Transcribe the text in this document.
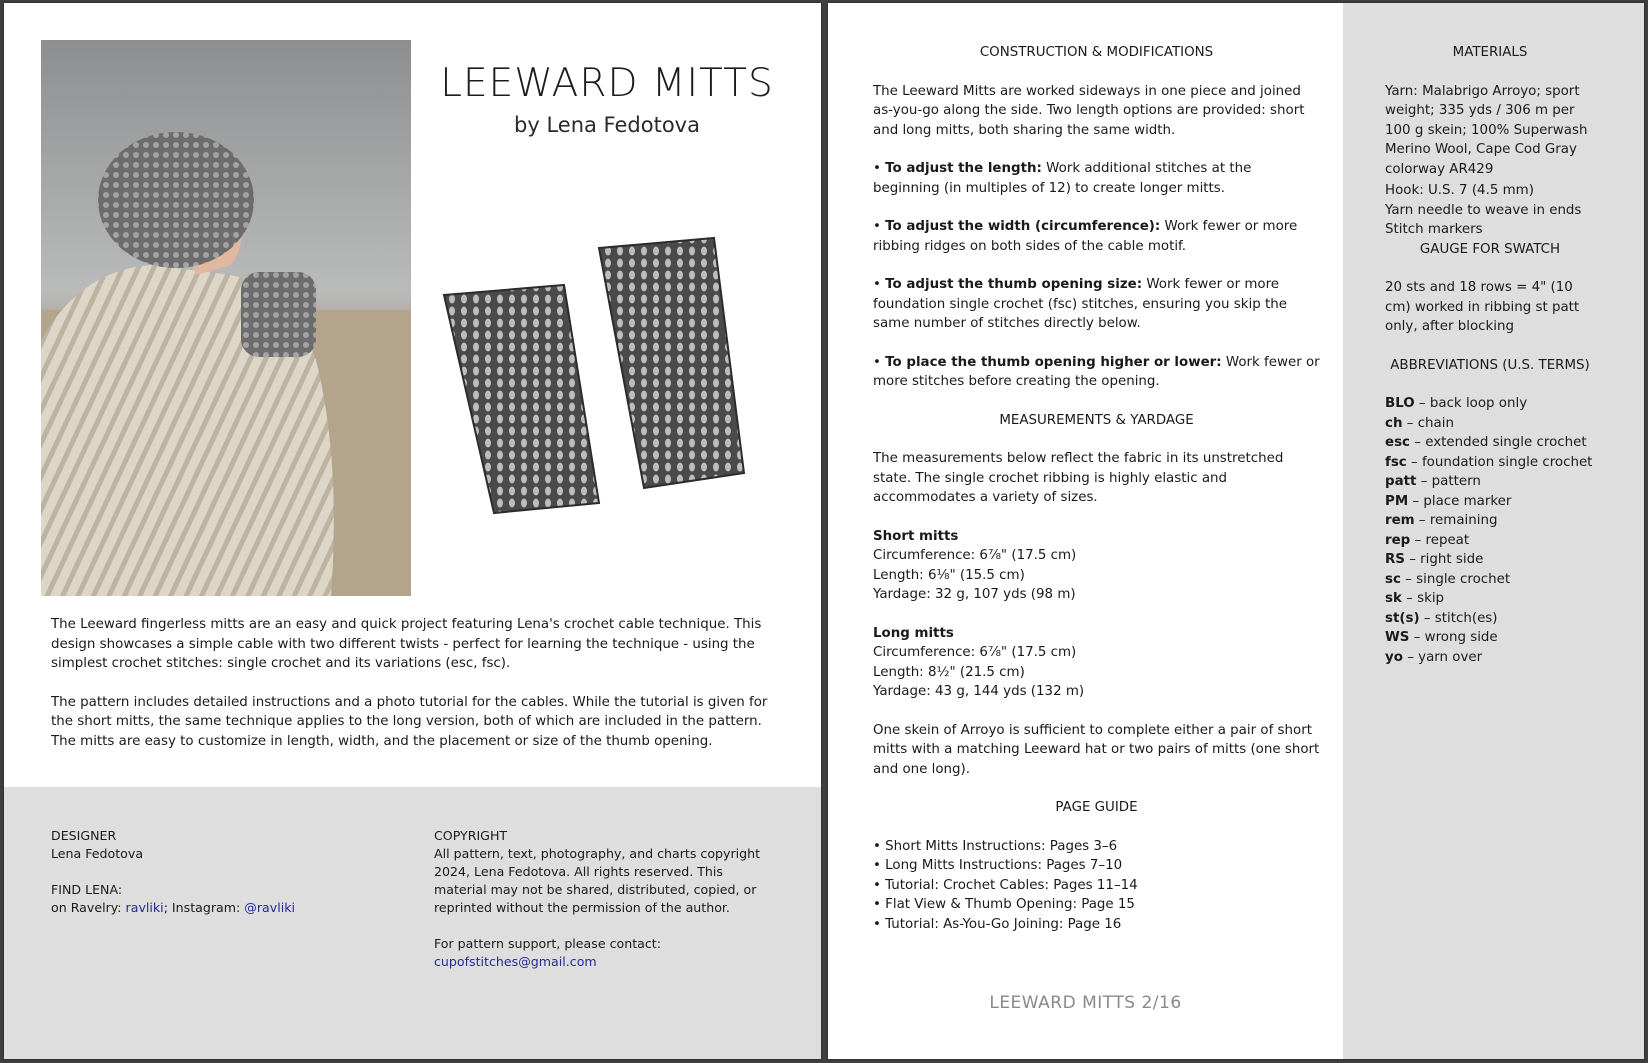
LEEWARD MITTS
by Lena Fedotova

The Leeward fingerless mitts are an easy and quick project featuring Lena's crochet cable technique. This design showcases a simple cable with two different twists - perfect for learning the technique - using the simplest crochet stitches: single crochet and its variations (esc, fsc).

The pattern includes detailed instructions and a photo tutorial for the cables. While the tutorial is given for the short mitts, the same technique applies to the long version, both of which are included in the pattern. The mitts are easy to customize in length, width, and the placement or size of the thumb opening.

DESIGNER

Lena Fedotova

FIND LENA:

on Ravelry: ravliki; Instagram: @ravliki

COPYRIGHT

All pattern, text, photography, and charts copyright 2024, Lena Fedotova. All rights reserved. This material may not be shared, distributed, copied, or reprinted without the permission of the author.

For pattern support, please contact:

cupofstitches@gmail.com

CONSTRUCTION & MODIFICATIONS

The Leeward Mitts are worked sideways in one piece and joined as-you-go along the side. Two length options are provided: short and long mitts, both sharing the same width.

• To adjust the length: Work additional stitches at the beginning (in multiples of 12) to create longer mitts.

• To adjust the width (circumference): Work fewer or more ribbing ridges on both sides of the cable motif.

• To adjust the thumb opening size: Work fewer or more foundation single crochet (fsc) stitches, ensuring you skip the same number of stitches directly below.

• To place the thumb opening higher or lower: Work fewer or more stitches before creating the opening.

MEASUREMENTS & YARDAGE

The measurements below reflect the fabric in its unstretched state. The single crochet ribbing is highly elastic and accommodates a variety of sizes.

Short mitts

Circumference: 6⅞" (17.5 cm)

Length: 6⅛" (15.5 cm)

Yardage: 32 g, 107 yds (98 m)

Long mitts

Circumference: 6⅞" (17.5 cm)

Length: 8½" (21.5 cm)

Yardage: 43 g, 144 yds (132 m)

One skein of Arroyo is sufficient to complete either a pair of short mitts with a matching Leeward hat or two pairs of mitts (one short and one long).

PAGE GUIDE

• Short Mitts Instructions: Pages 3–6
• Long Mitts Instructions: Pages 7–10
• Tutorial: Crochet Cables: Pages 11–14
• Flat View & Thumb Opening: Page 15
• Tutorial: As-You-Go Joining: Page 16
LEEWARD MITTS 2/16

MATERIALS

Yarn: Malabrigo Arroyo; sport weight; 335 yds / 306 m per 100 g skein; 100% Superwash Merino Wool, Cape Cod Gray colorway AR429

Hook: U.S. 7 (4.5 mm)

Yarn needle to weave in ends

Stitch markers

GAUGE FOR SWATCH

20 sts and 18 rows = 4" (10 cm) worked in ribbing st patt only, after blocking

ABBREVIATIONS (U.S. TERMS)

BLO – back loop only
ch – chain
esc – extended single crochet
fsc – foundation single crochet
patt – pattern
PM – place marker
rem – remaining
rep – repeat
RS – right side
sc – single crochet
sk – skip
st(s) – stitch(es)
WS – wrong side
yo – yarn over
